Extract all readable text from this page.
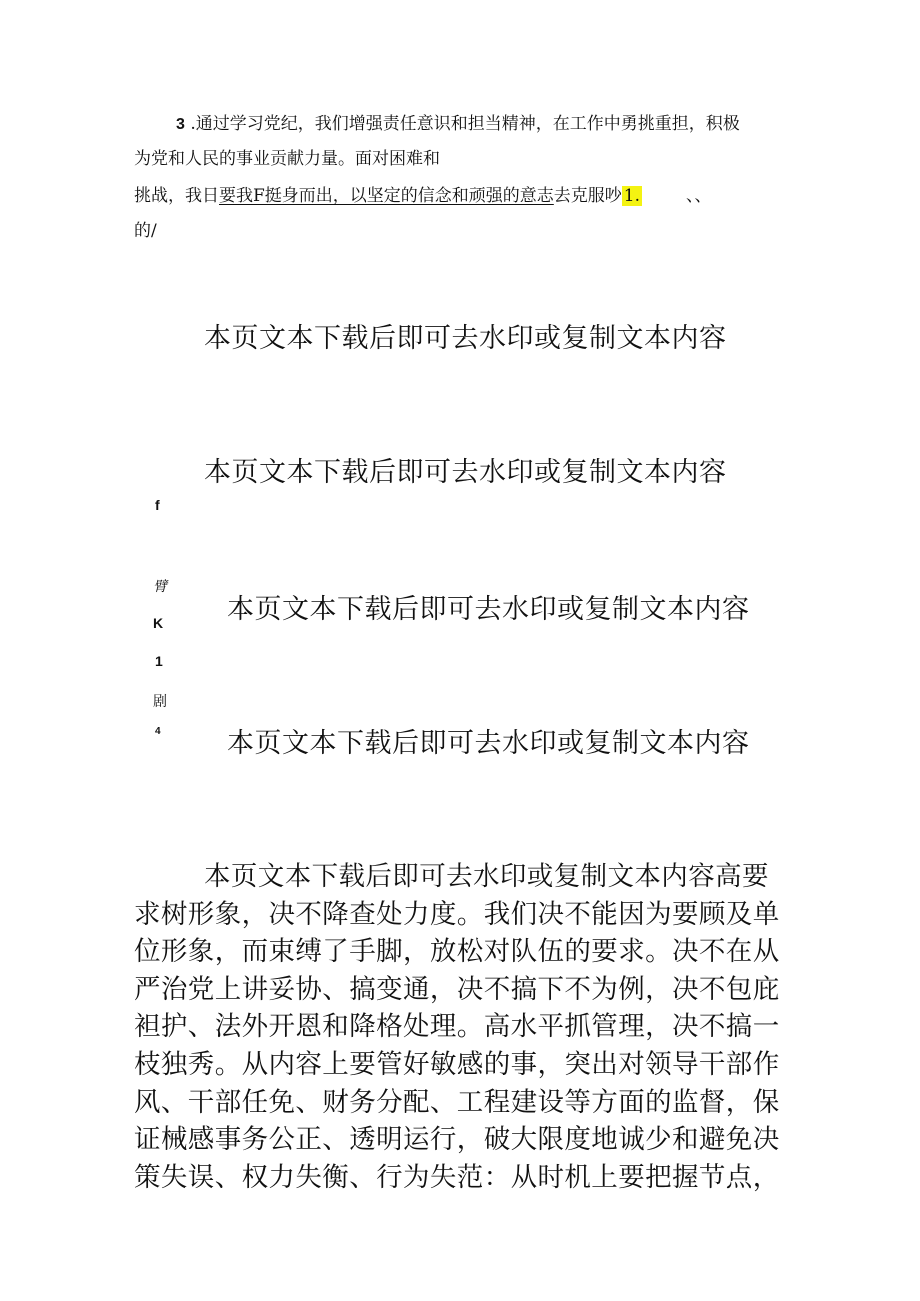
3 .通过学习党纪，我们增强责任意识和担当精神，在工作中勇挑重担，积极
为党和人民的事业贡献力量。面对困难和
挑战，我日要我F挺身而出，以坚定的信念和顽强的意志去克服吵 1.	、、
的/
本页文本下载后即可去水印或复制文本内容
本页文本下载后即可去水印或复制文本内容
本页文本下载后即可去水印或复制文本内容
本页文本下载后即可去水印或复制文本内容
f
臂
K
1
剧
4
本页文本下载后即可去水印或复制文本内容高要
求树形象，决不降查处力度。我们决不能因为要顾及单
位形象，而束缚了手脚，放松对队伍的要求。决不在从
严治党上讲妥协、搞变通，决不搞下不为例，决不包庇
袒护、法外开恩和降格处理。高水平抓管理，决不搞一
枝独秀。从内容上要管好敏感的事，突出对领导干部作
风、干部任免、财务分配、工程建设等方面的监督，保
证械感事务公正、透明运行，破大限度地诚少和避免决
策失误、权力失衡、行为失范：从时机上要把握节点，
